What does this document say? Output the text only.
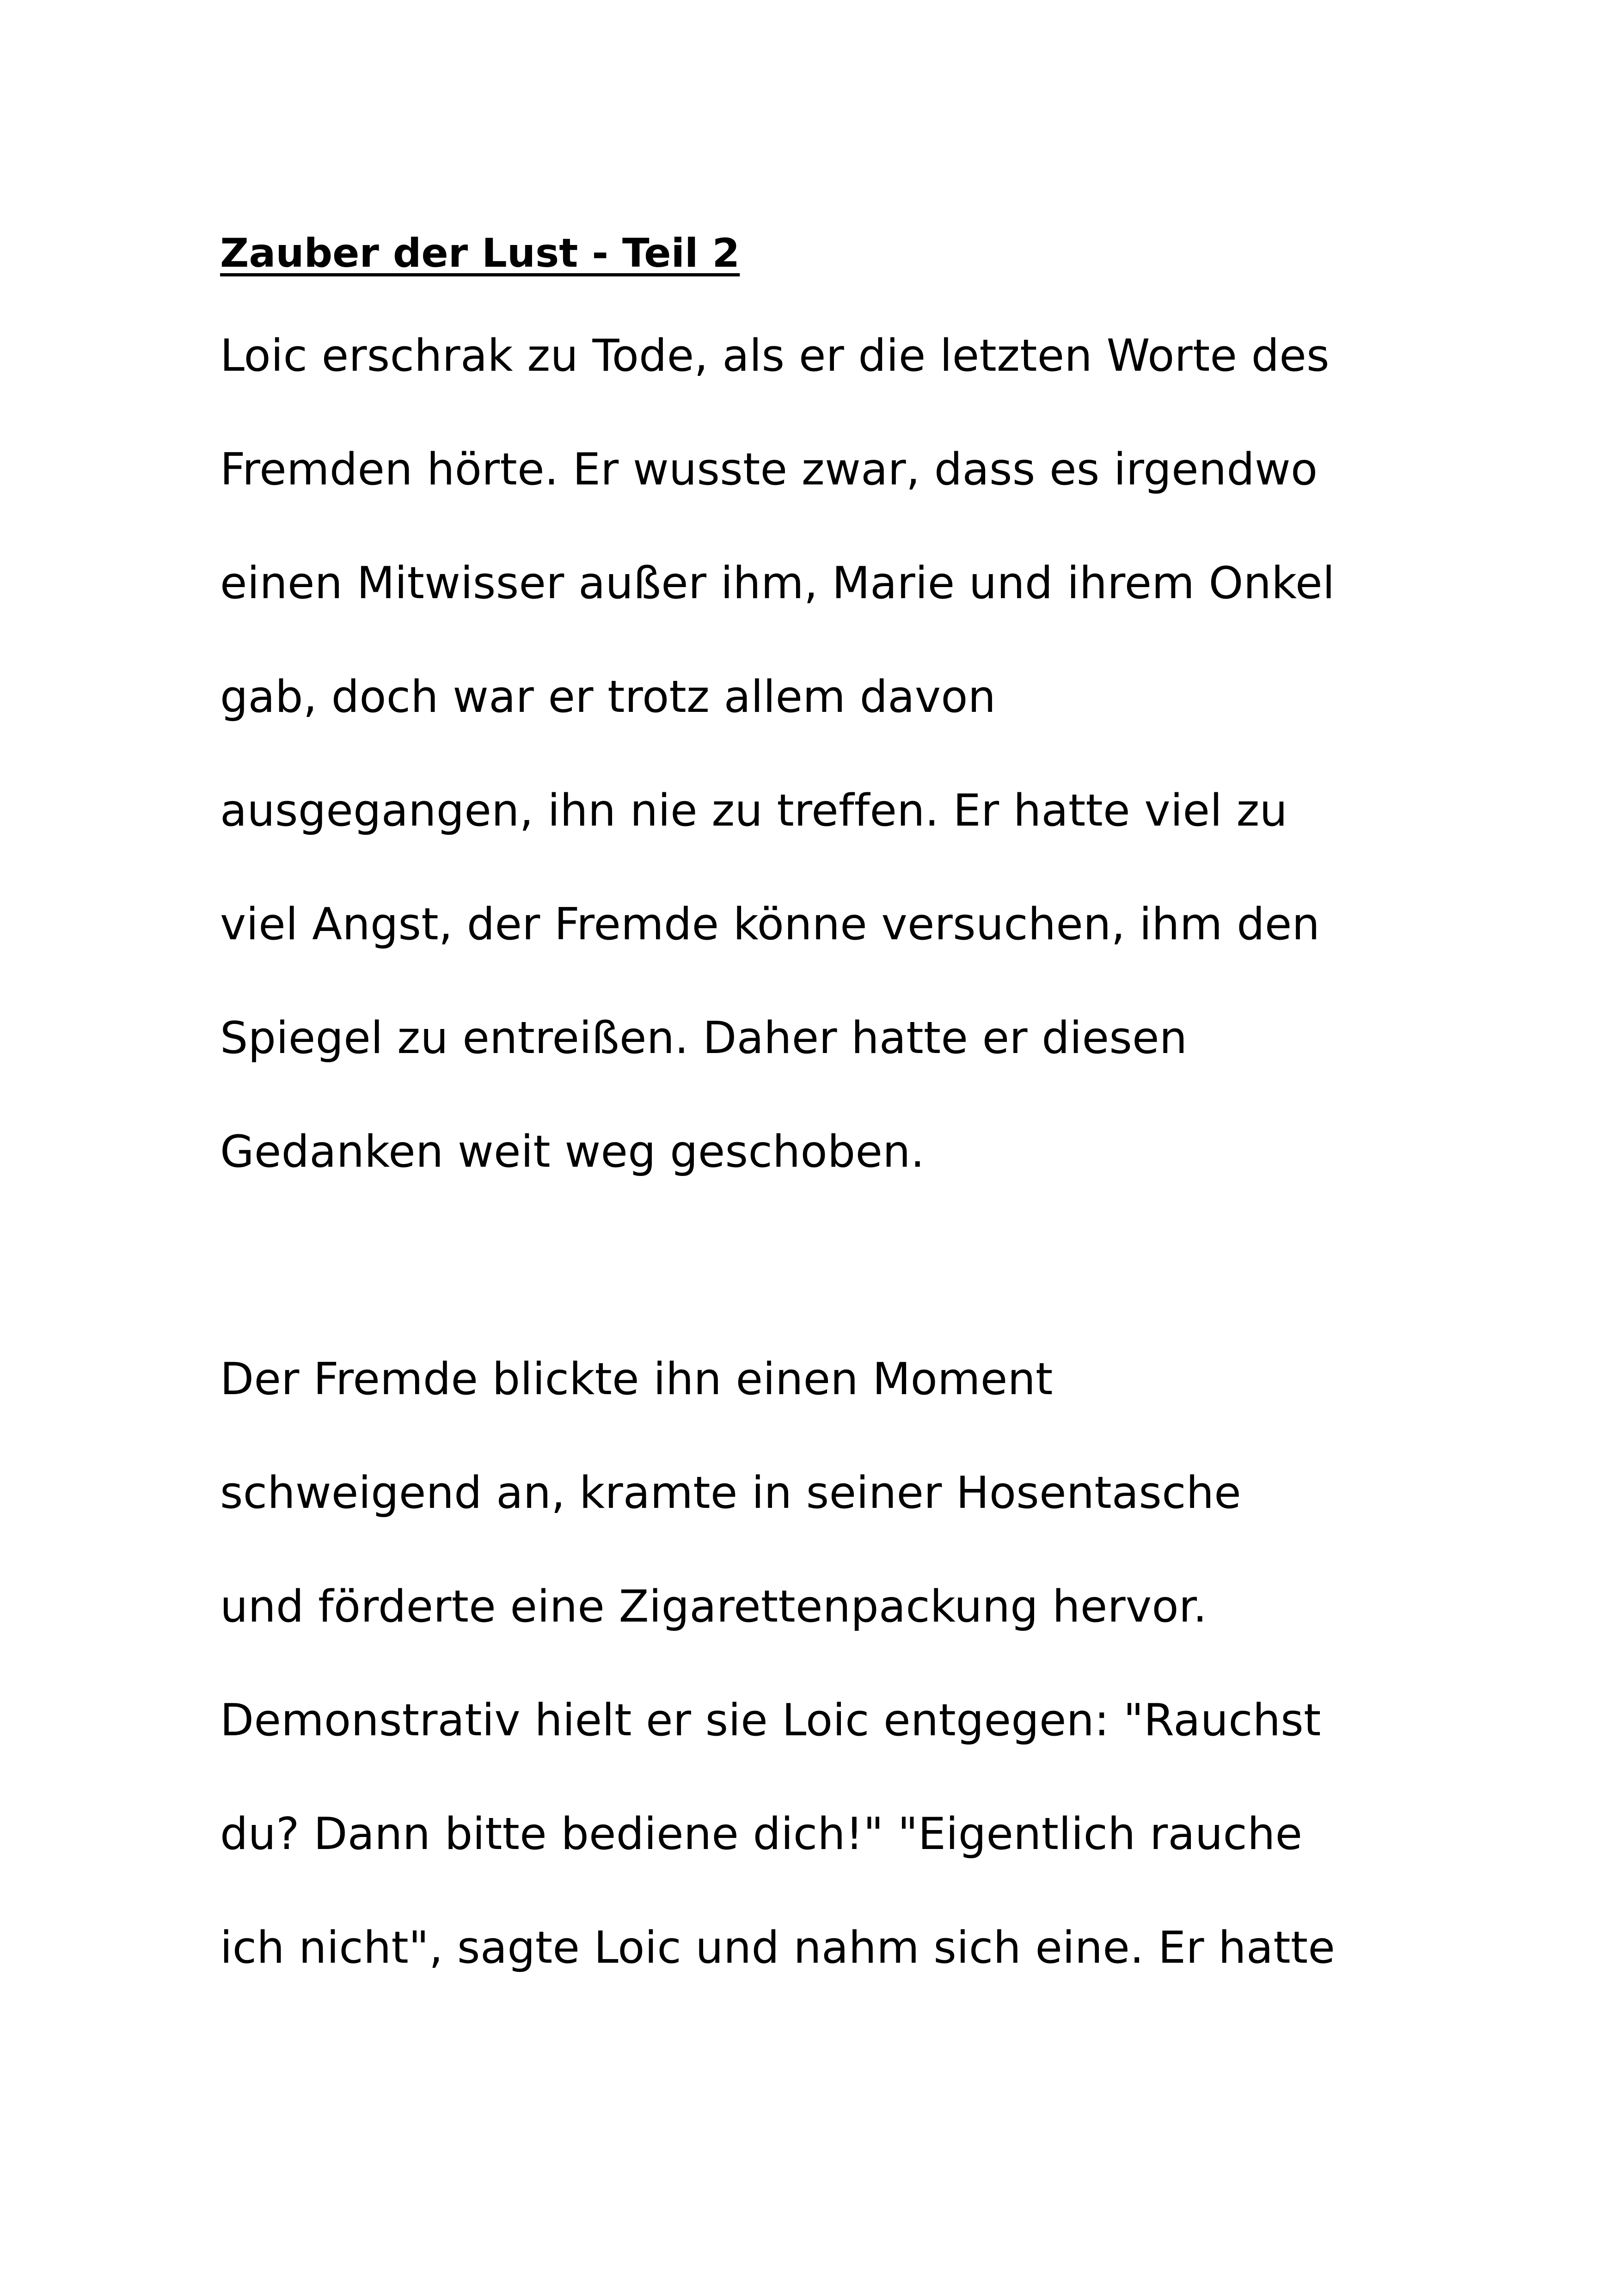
Zauber der Lust - Teil 2

Loic erschrak zu Tode, als er die letzten Worte des

Fremden hörte. Er wusste zwar, dass es irgendwo

einen Mitwisser außer ihm, Marie und ihrem Onkel

gab, doch war er trotz allem davon

ausgegangen, ihn nie zu treffen. Er hatte viel zu

viel Angst, der Fremde könne versuchen, ihm den

Spiegel zu entreißen. Daher hatte er diesen

Gedanken weit weg geschoben.

Der Fremde blickte ihn einen Moment

schweigend an, kramte in seiner Hosentasche

und förderte eine Zigarettenpackung hervor.

Demonstrativ hielt er sie Loic entgegen: "Rauchst

du? Dann bitte bediene dich!" "Eigentlich rauche

ich nicht", sagte Loic und nahm sich eine. Er hatte
